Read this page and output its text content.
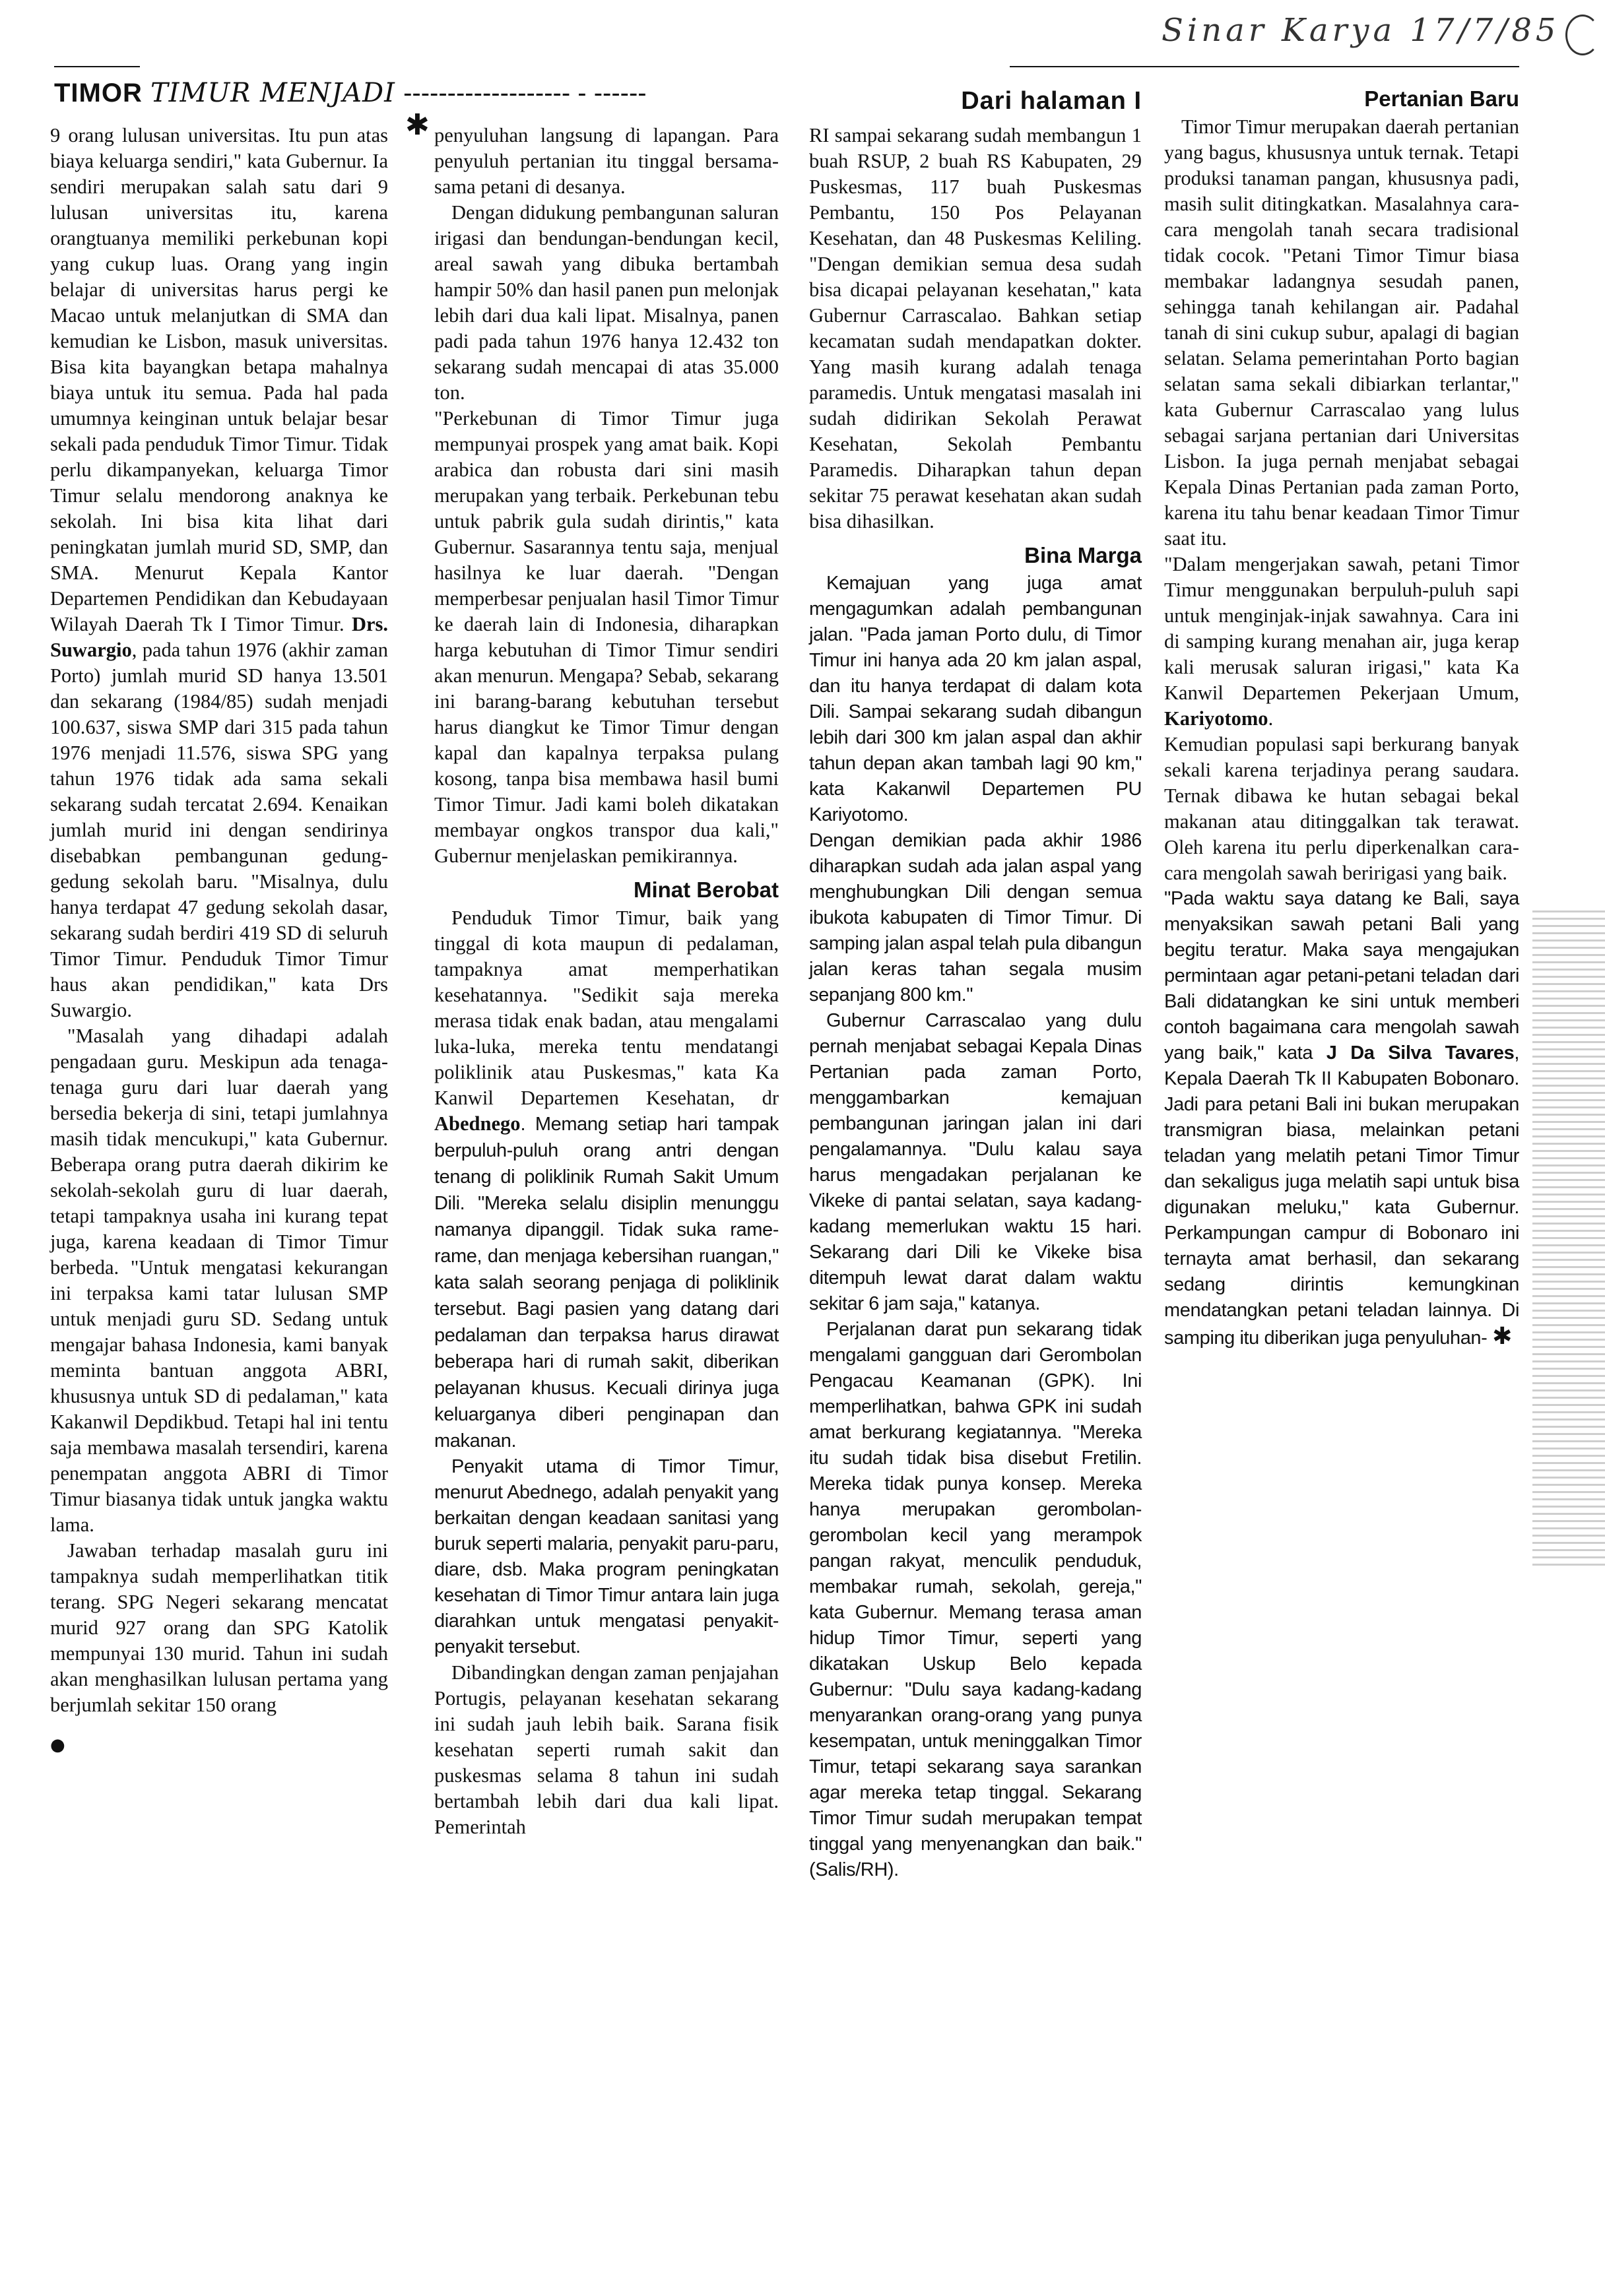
Sinar Karya 17/7/85
TIMOR TIMUR MENJADI ------------------- - ------	Dari halaman I

9 orang lulusan universitas. Itu pun atas biaya keluarga sendiri," kata Gubernur. Ia sendiri merupakan salah satu dari 9 lulusan universitas itu, karena orangtuanya memiliki perkebunan kopi yang cukup luas. Orang yang ingin belajar di universitas harus pergi ke Macao untuk melanjutkan di SMA dan kemudian ke Lisbon, masuk universitas. Bisa kita bayangkan betapa mahalnya biaya untuk itu semua. Pada hal pada umumnya keinginan untuk belajar besar sekali pada penduduk Timor Timur. Tidak perlu dikampanyekan, keluarga Timor Timur selalu mendorong anaknya ke sekolah. Ini bisa kita lihat dari peningkatan jumlah murid SD, SMP, dan SMA. Menurut Kepala Kantor Departemen Pendidikan dan Kebudayaan Wilayah Daerah Tk I Timor Timur. Drs. Suwargio, pada tahun 1976 (akhir zaman Porto) jumlah murid SD hanya 13.501 dan sekarang (1984/85) sudah menjadi 100.637, siswa SMP dari 315 pada tahun 1976 menjadi 11.576, siswa SPG yang tahun 1976 tidak ada sama sekali sekarang sudah tercatat 2.694. Kenaikan jumlah murid ini dengan sendirinya disebabkan pembangunan gedung-gedung sekolah baru. "Misalnya, dulu hanya terdapat 47 gedung sekolah dasar, sekarang sudah berdiri 419 SD di seluruh Timor Timur. Penduduk Timor Timur haus akan pendidikan," kata Drs Suwargio.

"Masalah yang dihadapi adalah pengadaan guru. Meskipun ada tenaga-tenaga guru dari luar daerah yang bersedia bekerja di sini, tetapi jumlahnya masih tidak mencukupi," kata Gubernur. Beberapa orang putra daerah dikirim ke sekolah-sekolah guru di luar daerah, tetapi tampaknya usaha ini kurang tepat juga, karena keadaan di Timor Timur berbeda. "Untuk mengatasi kekurangan ini terpaksa kami tatar lulusan SMP untuk menjadi guru SD. Sedang untuk mengajar bahasa Indonesia, kami banyak meminta bantuan anggota ABRI, khususnya untuk SD di pedalaman," kata Kakanwil Depdikbud. Tetapi hal ini tentu saja membawa masalah tersendiri, karena penempatan anggota ABRI di Timor Timur biasanya tidak untuk jangka waktu lama.

Jawaban terhadap masalah guru ini tampaknya sudah memperlihatkan titik terang. SPG Negeri sekarang mencatat murid 927 orang dan SPG Katolik mempunyai 130 murid. Tahun ini sudah akan menghasilkan lulusan pertama yang berjumlah sekitar 150 orang

●
✱ penyuluhan langsung di lapangan. Para penyuluh pertanian itu tinggal bersama-sama petani di desanya.

Dengan didukung pembangunan saluran irigasi dan bendungan-bendungan kecil, areal sawah yang dibuka bertambah hampir 50% dan hasil panen pun melonjak lebih dari dua kali lipat. Misalnya, panen padi pada tahun 1976 hanya 12.432 ton sekarang sudah mencapai di atas 35.000 ton.

"Perkebunan di Timor Timur juga mempunyai prospek yang amat baik. Kopi arabica dan robusta dari sini masih merupakan yang terbaik. Perkebunan tebu untuk pabrik gula sudah dirintis," kata Gubernur. Sasarannya tentu saja, menjual hasilnya ke luar daerah. "Dengan memperbesar penjualan hasil Timor Timur ke daerah lain di Indonesia, diharapkan harga kebutuhan di Timor Timur sendiri akan menurun. Mengapa? Sebab, sekarang ini barang-barang kebutuhan tersebut harus diangkut ke Timor Timur dengan kapal dan kapalnya terpaksa pulang kosong, tanpa bisa membawa hasil bumi Timor Timur. Jadi kami boleh dikatakan membayar ongkos transpor dua kali," Gubernur menjelaskan pemikirannya.

Minat Berobat

Penduduk Timor Timur, baik yang tinggal di kota maupun di pedalaman, tampaknya amat memperhatikan kesehatannya. "Sedikit saja mereka merasa tidak enak badan, atau mengalami luka-luka, mereka tentu mendatangi poliklinik atau Puskesmas," kata Ka Kanwil Departemen Kesehatan, dr Abednego. Memang setiap hari tampak berpuluh-puluh orang antri dengan tenang di poliklinik Rumah Sakit Umum Dili. "Mereka selalu disiplin menunggu namanya dipanggil. Tidak suka rame-rame, dan menjaga kebersihan ruangan," kata salah seorang penjaga di poliklinik tersebut. Bagi pasien yang datang dari pedalaman dan terpaksa harus dirawat beberapa hari di rumah sakit, diberikan pelayanan khusus. Kecuali dirinya juga keluarganya diberi penginapan dan makanan.

Penyakit utama di Timor Timur, menurut Abednego, adalah penyakit yang berkaitan dengan keadaan sanitasi yang buruk seperti malaria, penyakit paru-paru, diare, dsb. Maka program peningkatan kesehatan di Timor Timur antara lain juga diarahkan untuk mengatasi penyakit-penyakit tersebut.

Dibandingkan dengan zaman penjajahan Portugis, pelayanan kesehatan sekarang ini sudah jauh lebih baik. Sarana fisik kesehatan seperti rumah sakit dan puskesmas selama 8 tahun ini sudah bertambah lebih dari dua kali lipat. Pemerintah

RI sampai sekarang sudah membangun 1 buah RSUP, 2 buah RS Kabupaten, 29 Puskesmas, 117 buah Puskesmas Pembantu, 150 Pos Pelayanan Kesehatan, dan 48 Puskesmas Keliling. "Dengan demikian semua desa sudah bisa dicapai pelayanan kesehatan," kata Gubernur Carrascalao. Bahkan setiap kecamatan sudah mendapatkan dokter. Yang masih kurang adalah tenaga paramedis. Untuk mengatasi masalah ini sudah didirikan Sekolah Perawat Kesehatan, Sekolah Pembantu Paramedis. Diharapkan tahun depan sekitar 75 perawat kesehatan akan sudah bisa dihasilkan.

Bina Marga

Kemajuan yang juga amat mengagumkan adalah pembangunan jalan. "Pada jaman Porto dulu, di Timor Timur ini hanya ada 20 km jalan aspal, dan itu hanya terdapat di dalam kota Dili. Sampai sekarang sudah dibangun lebih dari 300 km jalan aspal dan akhir tahun depan akan tambah lagi 90 km," kata Kakanwil Departemen PU Kariyotomo.

Dengan demikian pada akhir 1986 diharapkan sudah ada jalan aspal yang menghubungkan Dili dengan semua ibukota kabupaten di Timor Timur. Di samping jalan aspal telah pula dibangun jalan keras tahan segala musim sepanjang 800 km."

Gubernur Carrascalao yang dulu pernah menjabat sebagai Kepala Dinas Pertanian pada zaman Porto, menggambarkan kemajuan pembangunan jaringan jalan ini dari pengalamannya. "Dulu kalau saya harus mengadakan perjalanan ke Vikeke di pantai selatan, saya kadang-kadang memerlukan waktu 15 hari. Sekarang dari Dili ke Vikeke bisa ditempuh lewat darat dalam waktu sekitar 6 jam saja," katanya.

Perjalanan darat pun sekarang tidak mengalami gangguan dari Gerombolan Pengacau Keamanan (GPK). Ini memperlihatkan, bahwa GPK ini sudah amat berkurang kegiatannya. "Mereka itu sudah tidak bisa disebut Fretilin. Mereka tidak punya konsep. Mereka hanya merupakan gerombolan-gerombolan kecil yang merampok pangan rakyat, menculik penduduk, membakar rumah, sekolah, gereja," kata Gubernur. Memang terasa aman hidup Timor Timur, seperti yang dikatakan Uskup Belo kepada Gubernur: "Dulu saya kadang-kadang menyarankan orang-orang yang punya kesempatan, untuk meninggalkan Timor Timur, tetapi sekarang saya sarankan agar mereka tetap tinggal. Sekarang Timor Timur sudah merupakan tempat tinggal yang menyenangkan dan baik." (Salis/RH).

Pertanian Baru

Timor Timur merupakan daerah pertanian yang bagus, khususnya untuk ternak. Tetapi produksi tanaman pangan, khususnya padi, masih sulit ditingkatkan. Masalahnya cara-cara mengolah tanah secara tradisional tidak cocok. "Petani Timor Timur biasa membakar ladangnya sesudah panen, sehingga tanah kehilangan air. Padahal tanah di sini cukup subur, apalagi di bagian selatan. Selama pemerintahan Porto bagian selatan sama sekali dibiarkan terlantar," kata Gubernur Carrascalao yang lulus sebagai sarjana pertanian dari Universitas Lisbon. Ia juga pernah menjabat sebagai Kepala Dinas Pertanian pada zaman Porto, karena itu tahu benar keadaan Timor Timur saat itu.

"Dalam mengerjakan sawah, petani Timor Timur menggunakan berpuluh-puluh sapi untuk menginjak-injak sawahnya. Cara ini di samping kurang menahan air, juga kerap kali merusak saluran irigasi," kata Ka Kanwil Departemen Pekerjaan Umum, Kariyotomo.

Kemudian populasi sapi berkurang banyak sekali karena terjadinya perang saudara. Ternak dibawa ke hutan sebagai bekal makanan atau ditinggalkan tak terawat. Oleh karena itu perlu diperkenalkan cara-cara mengolah sawah beririgasi yang baik.

"Pada waktu saya datang ke Bali, saya menyaksikan sawah petani Bali yang begitu teratur. Maka saya mengajukan permintaan agar petani-petani teladan dari Bali didatangkan ke sini untuk memberi contoh bagaimana cara mengolah sawah yang baik," kata J Da Silva Tavares, Kepala Daerah Tk II Kabupaten Bobonaro. Jadi para petani Bali ini bukan merupakan transmigran biasa, melainkan petani teladan yang melatih petani Timor Timur dan sekaligus juga melatih sapi untuk bisa digunakan meluku," kata Gubernur. Perkampungan campur di Bobonaro ini ternayta amat berhasil, dan sekarang sedang dirintis kemungkinan mendatangkan petani teladan lainnya. Di samping itu diberikan juga penyuluhan- ✱
